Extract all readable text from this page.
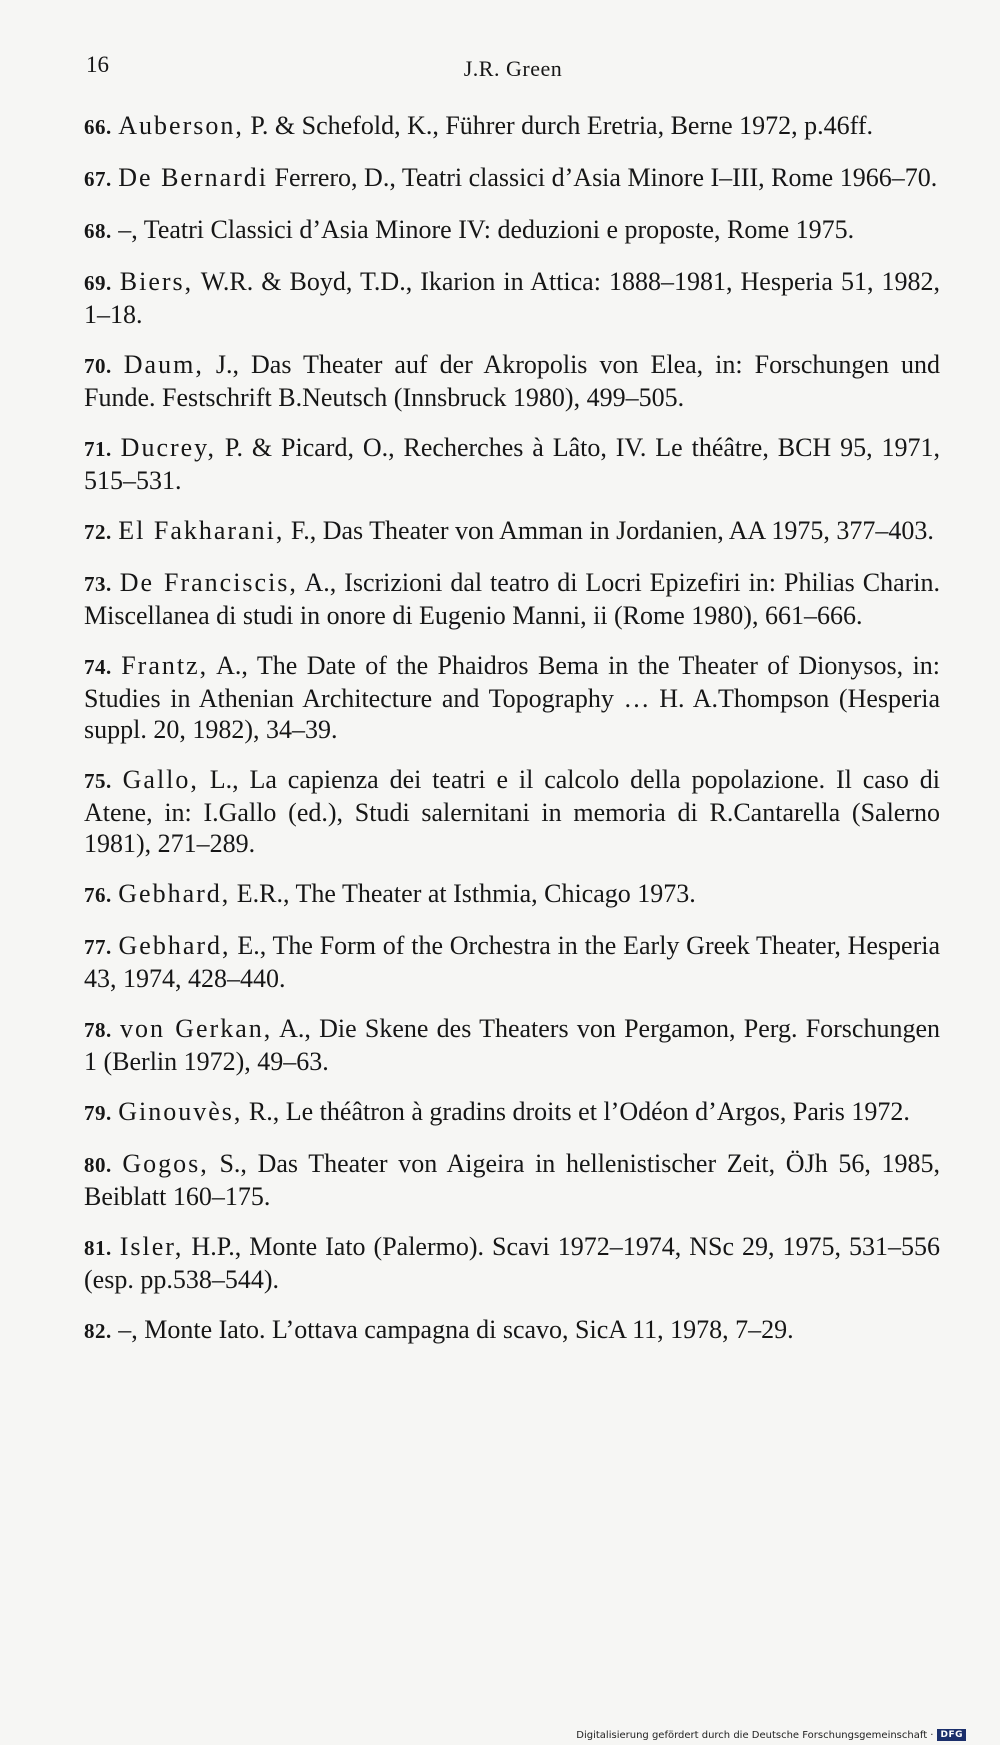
16	J.R. Green
66. Auberson, P. & Schefold, K., Führer durch Eretria, Berne 1972, p.46ff.
67. De Bernardi Ferrero, D., Teatri classici d’Asia Minore I–III, Rome 1966–70.
68. –, Teatri Classici d’Asia Minore IV: deduzioni e proposte, Rome 1975.
69. Biers, W.R. & Boyd, T.D., Ikarion in Attica: 1888–1981, Hesperia 51, 1982, 1–18.
70. Daum, J., Das Theater auf der Akropolis von Elea, in: Forschungen und Funde. Festschrift B.Neutsch (Innsbruck 1980), 499–505.
71. Ducrey, P. & Picard, O., Recherches à Lâto, IV. Le théâtre, BCH 95, 1971, 515–531.
72. El Fakharani, F., Das Theater von Amman in Jordanien, AA 1975, 377–403.
73. De Franciscis, A., Iscrizioni dal teatro di Locri Epizefiri in: Philias Charin. Miscellanea di studi in onore di Eugenio Manni, ii (Rome 1980), 661–666.
74. Frantz, A., The Date of the Phaidros Bema in the Theater of Dionysos, in: Studies in Athenian Architecture and Topography … H. A.Thompson (Hesperia suppl. 20, 1982), 34–39.
75. Gallo, L., La capienza dei teatri e il calcolo della popolazione. Il caso di Atene, in: I.Gallo (ed.), Studi salernitani in memoria di R.Cantarella (Salerno 1981), 271–289.
76. Gebhard, E.R., The Theater at Isthmia, Chicago 1973.
77. Gebhard, E., The Form of the Orchestra in the Early Greek Theater, Hesperia 43, 1974, 428–440.
78. von Gerkan, A., Die Skene des Theaters von Pergamon, Perg. Forschungen 1 (Berlin 1972), 49–63.
79. Ginouvès, R., Le théâtron à gradins droits et l’Odéon d’Argos, Paris 1972.
80. Gogos, S., Das Theater von Aigeira in hellenistischer Zeit, ÖJh 56, 1985, Beiblatt 160–175.
81. Isler, H.P., Monte Iato (Palermo). Scavi 1972–1974, NSc 29, 1975, 531–556 (esp. pp.538–544).
82. –, Monte Iato. L’ottava campagna di scavo, SicA 11, 1978, 7–29.
Digitalisierung gefördert durch die Deutsche Forschungsgemeinschaft · DFG
